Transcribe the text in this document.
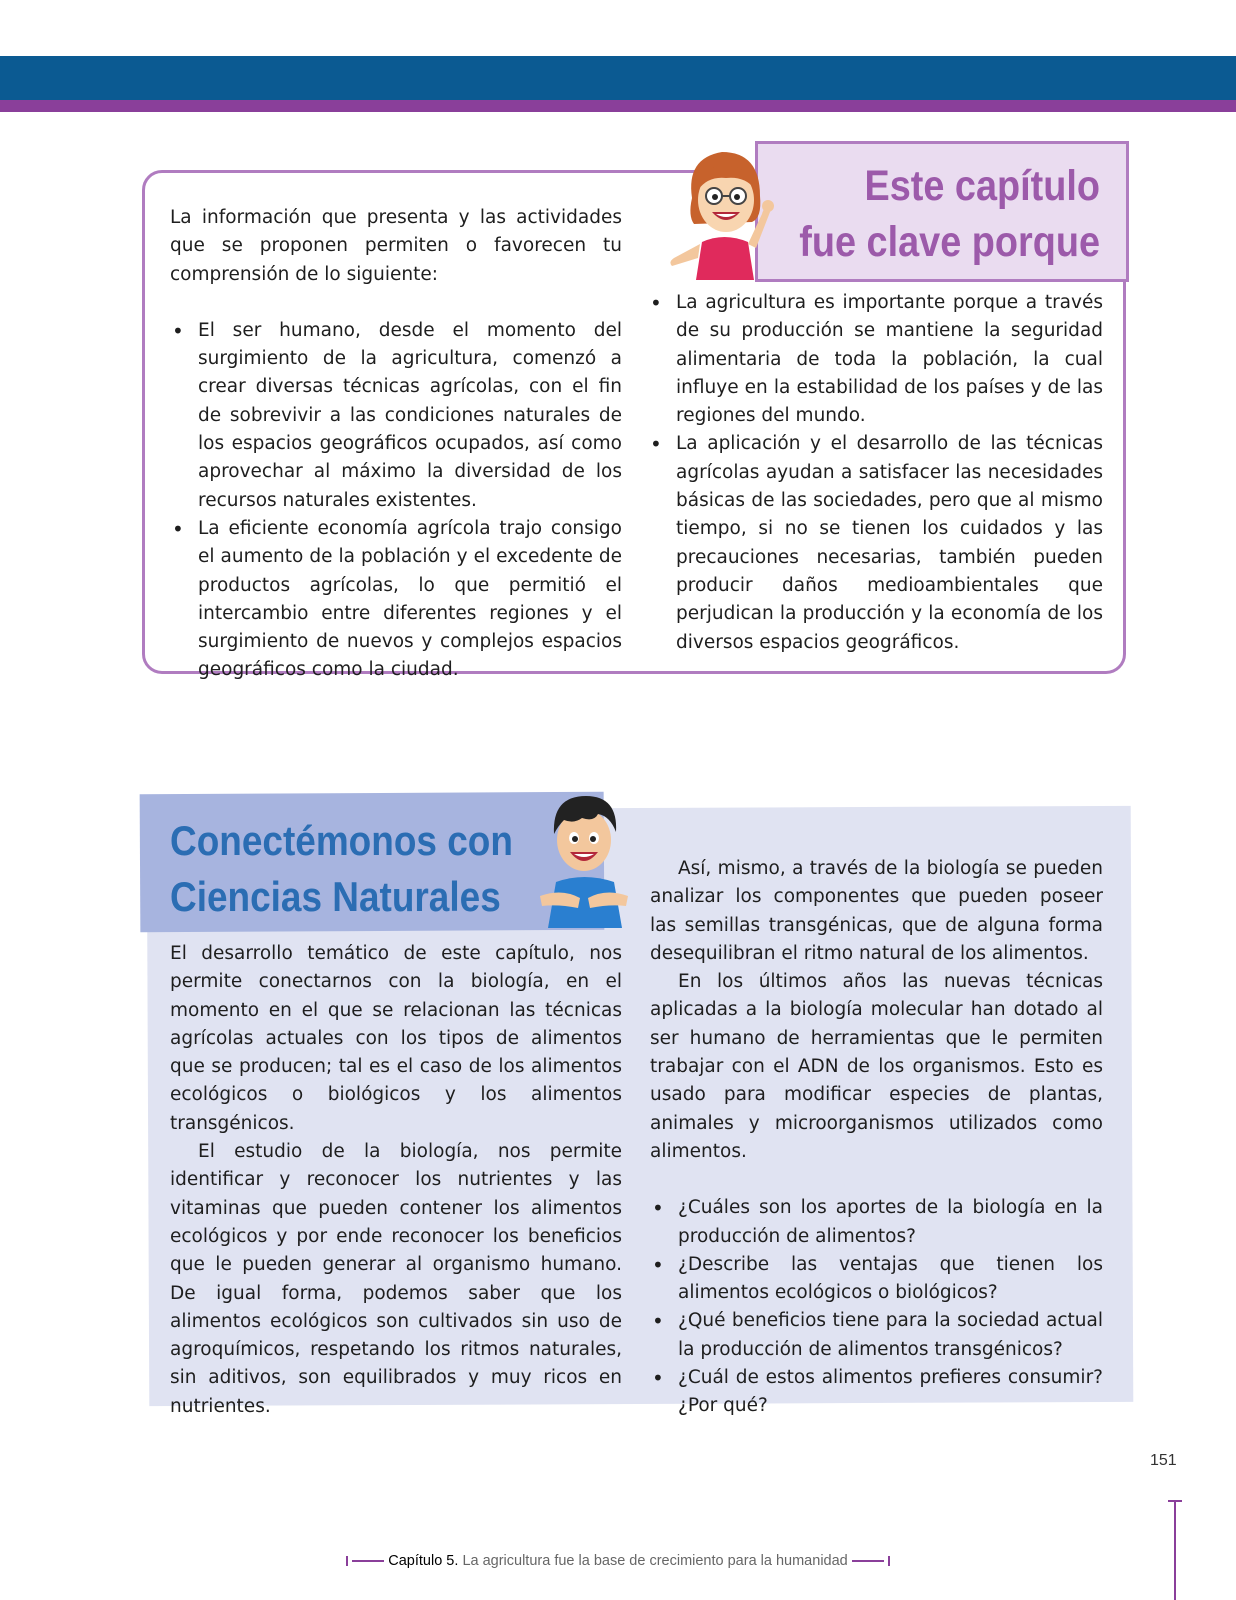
Este capítulo

fue clave porque

La información que presenta y las actividades que se proponen permiten o favorecen tu comprensión de lo siguiente:

• El ser humano, desde el momento del surgimiento de la agricultura, comenzó a crear diversas técnicas agrícolas, con el fin de sobrevivir a las condiciones naturales de los espacios geográficos ocupados, así como aprovechar al máximo la diversidad de los recursos naturales existentes.
• La eficiente economía agrícola trajo consigo el aumento de la población y el excedente de productos agrícolas, lo que permitió el intercambio entre diferentes regiones y el surgimiento de nuevos y complejos espacios geográficos como la ciudad.
• La agricultura es importante porque a través de su producción se mantiene la seguridad alimentaria de toda la población, la cual influye en la estabilidad de los países y de las regiones del mundo.
• La aplicación y el desarrollo de las técnicas agrícolas ayudan a satisfacer las necesidades básicas de las sociedades, pero que al mismo tiempo, si no se tienen los cuidados y las precauciones necesarias, también pueden producir daños medioambientales que perjudican la producción y la economía de los diversos espacios geográficos.
Conectémonos con
Ciencias Naturales

El desarrollo temático de este capítulo, nos permite conectarnos con la biología, en el momento en el que se relacionan las técnicas agrícolas actuales con los tipos de alimentos que se producen; tal es el caso de los alimentos ecológicos o biológicos y los alimentos transgénicos.

El estudio de la biología, nos permite identificar y reconocer los nutrientes y las vitaminas que pueden contener los alimentos ecológicos y por ende reconocer los beneficios que le pueden generar al organismo humano. De igual forma, podemos saber que los alimentos ecológicos son cultivados sin uso de agroquímicos, respetando los ritmos naturales, sin aditivos, son equilibrados y muy ricos en nutrientes.

Así, mismo, a través de la biología se pueden analizar los componentes que pueden poseer las semillas transgénicas, que de alguna forma desequilibran el ritmo natural de los alimentos.

En los últimos años las nuevas técnicas aplicadas a la biología molecular han dotado al ser humano de herramientas que le permiten trabajar con el ADN de los organismos. Esto es usado para modificar especies de plantas, animales y microorganismos utilizados como alimentos.

• ¿Cuáles son los aportes de la biología en la producción de alimentos?
• ¿Describe las ventajas que tienen los alimentos ecológicos o biológicos?
• ¿Qué beneficios tiene para la sociedad actual la producción de alimentos transgénicos?
• ¿Cuál de estos alimentos prefieres consumir? ¿Por qué?
151
Capítulo 5. La agricultura fue la base de crecimiento para la humanidad
